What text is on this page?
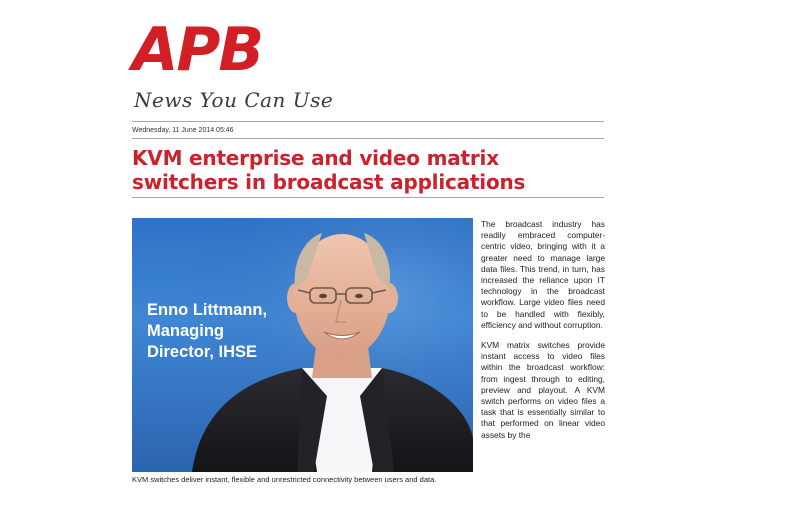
APB
News You Can Use
Wednesday, 11 June 2014 05:46
KVM enterprise and video matrix switchers in broadcast applications
Enno Littmann,
Managing
Director, IHSE
KVM switches deliver instant, flexible and unrestricted connectivity between users and data.

The broadcast industry has readily embraced computer-centric video, bringing with it a greater need to manage large data files. This trend, in turn, has increased the reliance upon IT technology in the broadcast workflow. Large video files need to be handled with flexibly, efficiency and without corruption.

KVM matrix switches provide instant access to video files within the broadcast workflow: from ingest through to editing, preview and playout. A KVM switch performs on video files a task that is essentially similar to that performed on linear video assets by the
